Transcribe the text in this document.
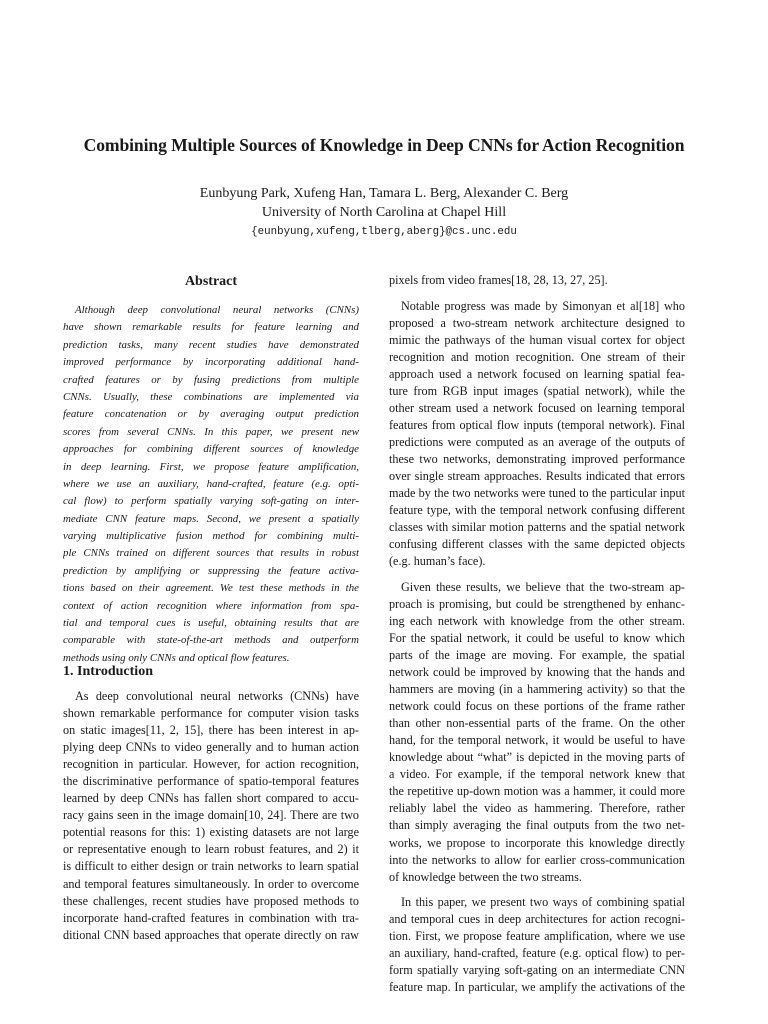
Combining Multiple Sources of Knowledge in Deep CNNs for Action Recognition
Eunbyung Park, Xufeng Han, Tamara L. Berg, Alexander C. Berg
University of North Carolina at Chapel Hill
{eunbyung,xufeng,tlberg,aberg}@cs.unc.edu
Abstract
Although deep convolutional neural networks (CNNs)
have shown remarkable results for feature learning and
prediction tasks, many recent studies have demonstrated
improved performance by incorporating additional hand-
crafted features or by fusing predictions from multiple
CNNs. Usually, these combinations are implemented via
feature concatenation or by averaging output prediction
scores from several CNNs. In this paper, we present new
approaches for combining different sources of knowledge
in deep learning. First, we propose feature amplification,
where we use an auxiliary, hand-crafted, feature (e.g. opti-
cal flow) to perform spatially varying soft-gating on inter-
mediate CNN feature maps. Second, we present a spatially
varying multiplicative fusion method for combining multi-
ple CNNs trained on different sources that results in robust
prediction by amplifying or suppressing the feature activa-
tions based on their agreement. We test these methods in the
context of action recognition where information from spa-
tial and temporal cues is useful, obtaining results that are
comparable with state-of-the-art methods and outperform
methods using only CNNs and optical flow features.
1. Introduction
As deep convolutional neural networks (CNNs) have
shown remarkable performance for computer vision tasks
on static images[11, 2, 15], there has been interest in ap-
plying deep CNNs to video generally and to human action
recognition in particular. However, for action recognition,
the discriminative performance of spatio-temporal features
learned by deep CNNs has fallen short compared to accu-
racy gains seen in the image domain[10, 24]. There are two
potential reasons for this: 1) existing datasets are not large
or representative enough to learn robust features, and 2) it
is difficult to either design or train networks to learn spatial
and temporal features simultaneously. In order to overcome
these challenges, recent studies have proposed methods to
incorporate hand-crafted features in combination with tra-
ditional CNN based approaches that operate directly on raw
pixels from video frames[18, 28, 13, 27, 25].
Notable progress was made by Simonyan et al[18] who
proposed a two-stream network architecture designed to
mimic the pathways of the human visual cortex for object
recognition and motion recognition. One stream of their
approach used a network focused on learning spatial fea-
ture from RGB input images (spatial network), while the
other stream used a network focused on learning temporal
features from optical flow inputs (temporal network). Final
predictions were computed as an average of the outputs of
these two networks, demonstrating improved performance
over single stream approaches. Results indicated that errors
made by the two networks were tuned to the particular input
feature type, with the temporal network confusing different
classes with similar motion patterns and the spatial network
confusing different classes with the same depicted objects
(e.g. human’s face).
Given these results, we believe that the two-stream ap-
proach is promising, but could be strengthened by enhanc-
ing each network with knowledge from the other stream.
For the spatial network, it could be useful to know which
parts of the image are moving. For example, the spatial
network could be improved by knowing that the hands and
hammers are moving (in a hammering activity) so that the
network could focus on these portions of the frame rather
than other non-essential parts of the frame. On the other
hand, for the temporal network, it would be useful to have
knowledge about “what” is depicted in the moving parts of
a video. For example, if the temporal network knew that
the repetitive up-down motion was a hammer, it could more
reliably label the video as hammering. Therefore, rather
than simply averaging the final outputs from the two net-
works, we propose to incorporate this knowledge directly
into the networks to allow for earlier cross-communication
of knowledge between the two streams.
In this paper, we present two ways of combining spatial
and temporal cues in deep architectures for action recogni-
tion. First, we propose feature amplification, where we use
an auxiliary, hand-crafted, feature (e.g. optical flow) to per-
form spatially varying soft-gating on an intermediate CNN
feature map. In particular, we amplify the activations of the
